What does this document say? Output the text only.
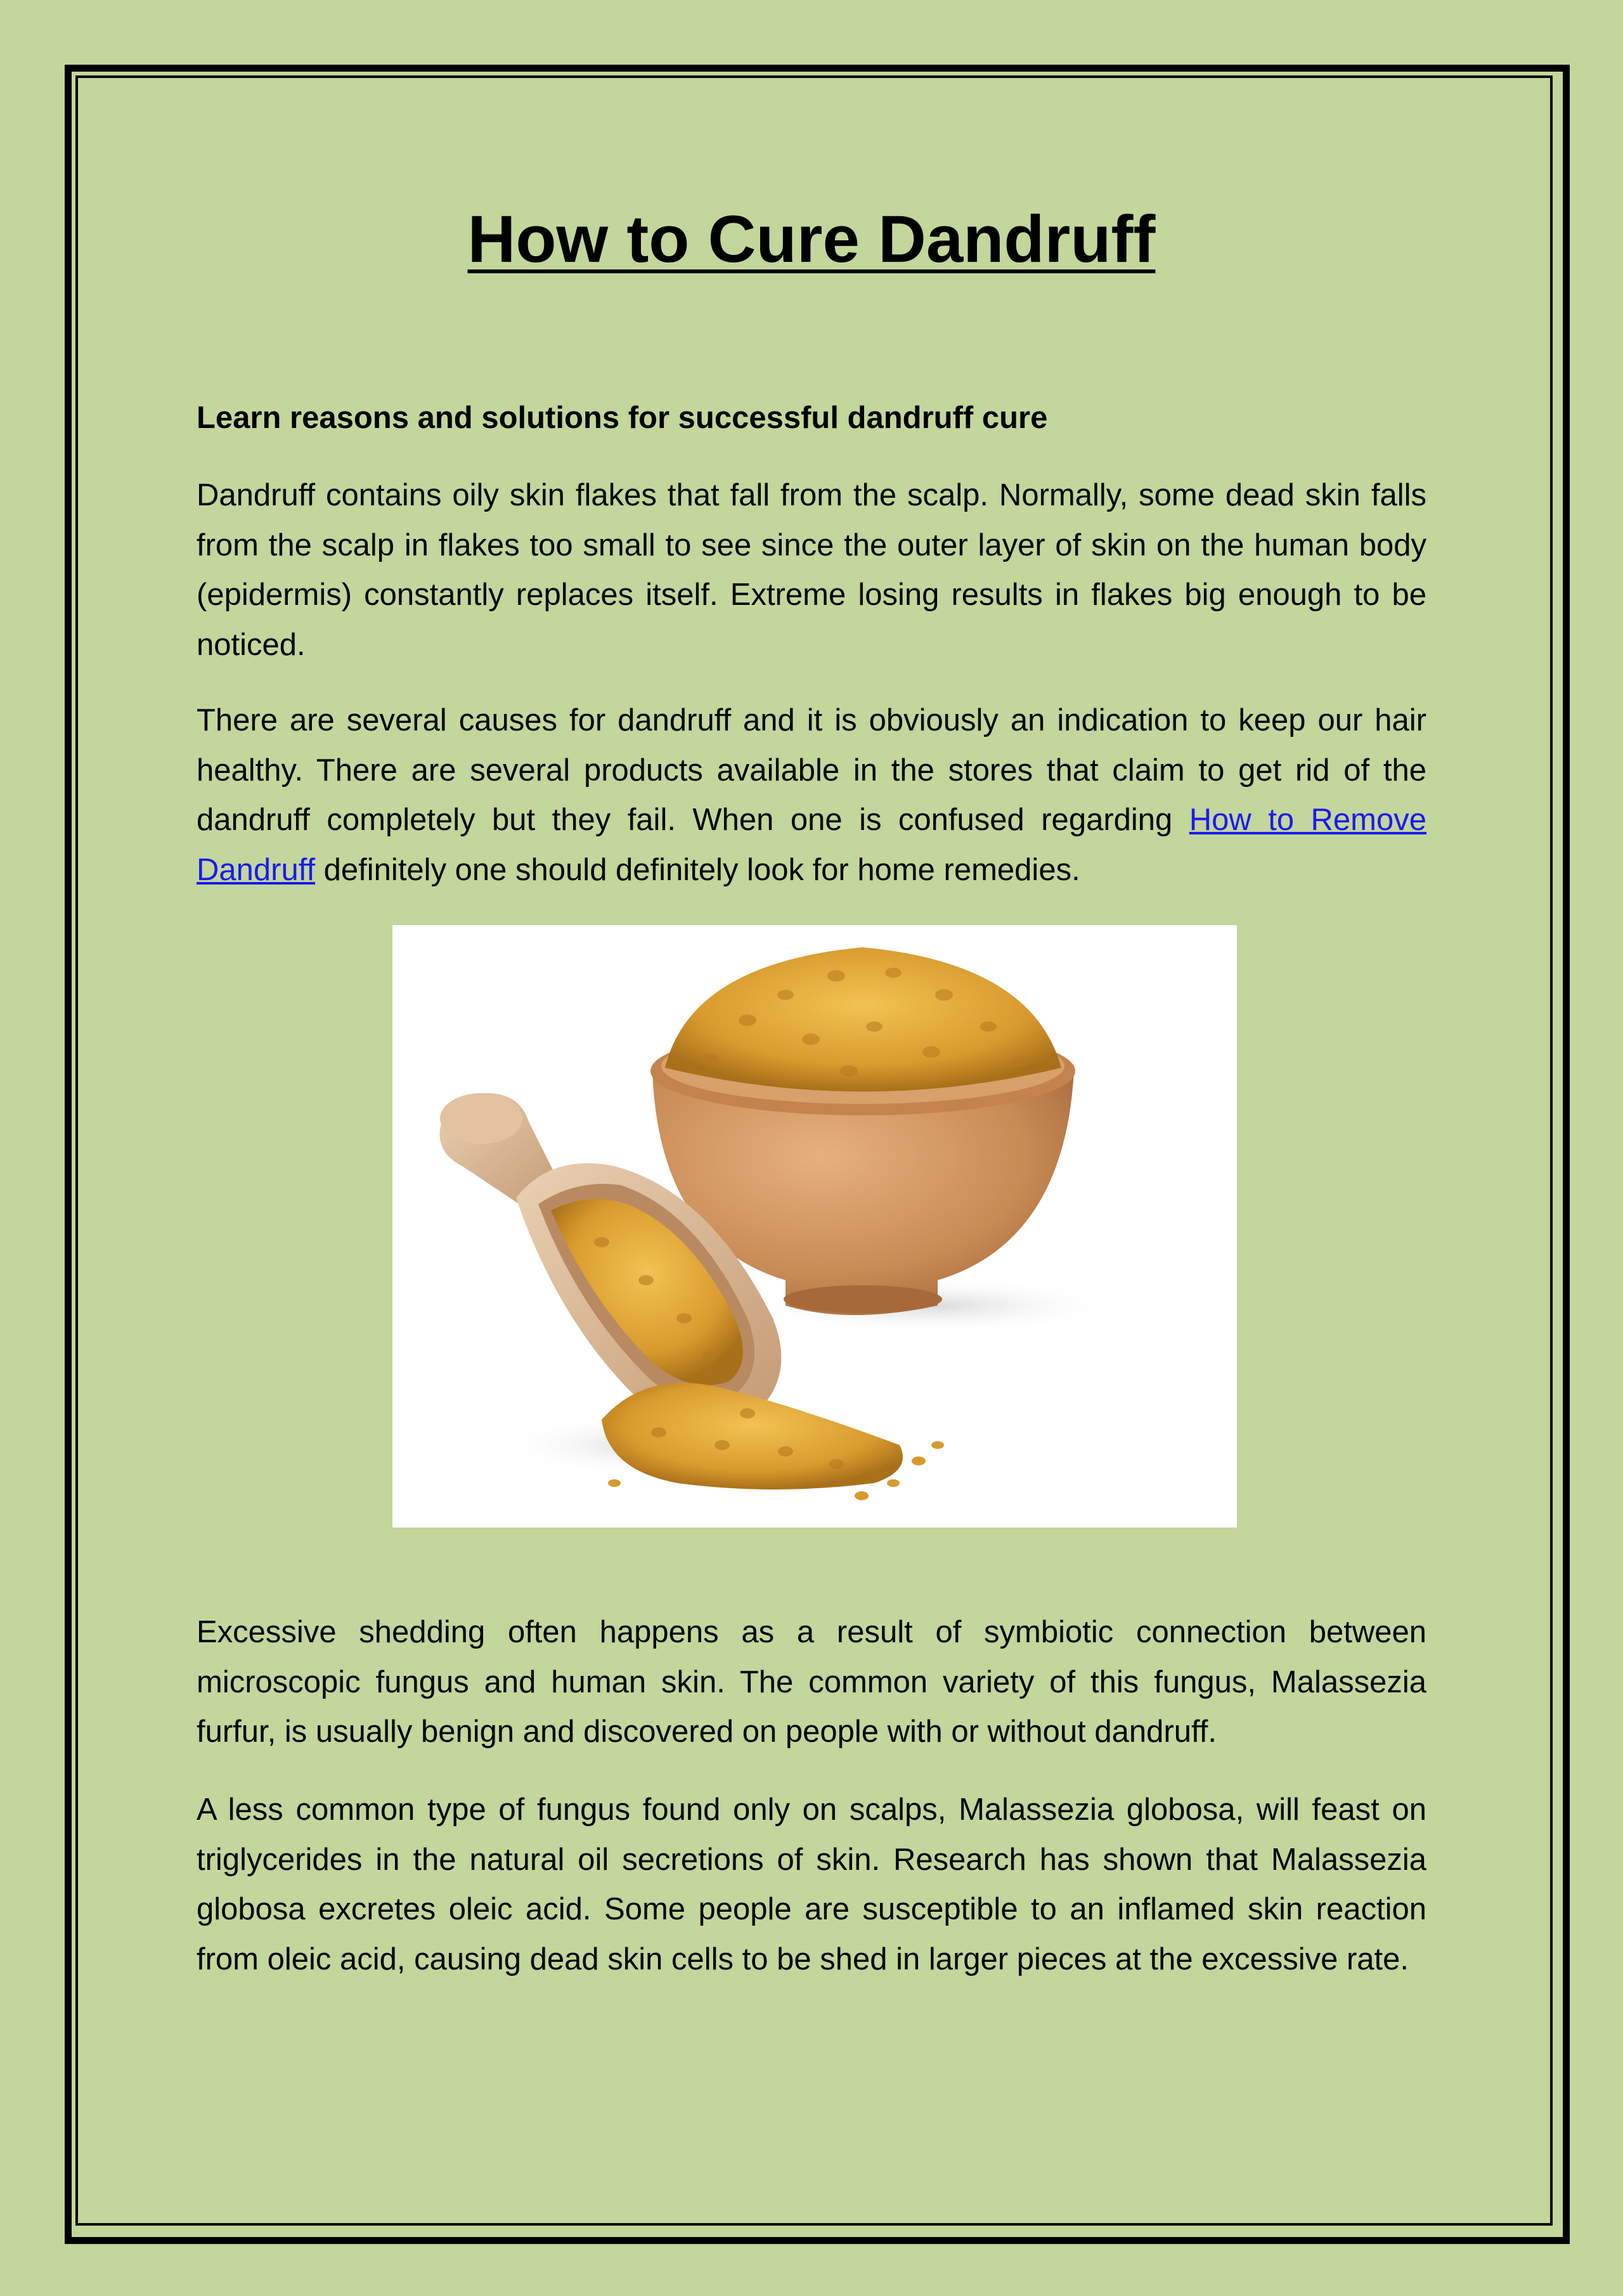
How to Cure Dandruff

Learn reasons and solutions for successful dandruff cure

Dandruff contains oily skin flakes that fall from the scalp. Normally, some dead skin falls from the scalp in flakes too small to see since the outer layer of skin on the human body (epidermis) constantly replaces itself. Extreme losing results in flakes big enough to be noticed.

There are several causes for dandruff and it is obviously an indication to keep our hair healthy. There are several products available in the stores that claim to get rid of the dandruff completely but they fail. When one is confused regarding How to Remove Dandruff definitely one should definitely look for home remedies.

Excessive shedding often happens as a result of symbiotic connection between microscopic fungus and human skin. The common variety of this fungus, Malassezia furfur, is usually benign and discovered on people with or without dandruff.

A less common type of fungus found only on scalps, Malassezia globosa, will feast on triglycerides in the natural oil secretions of skin. Research has shown that Malassezia globosa excretes oleic acid. Some people are susceptible to an inflamed skin reaction from oleic acid, causing dead skin cells to be shed in larger pieces at the excessive rate.
